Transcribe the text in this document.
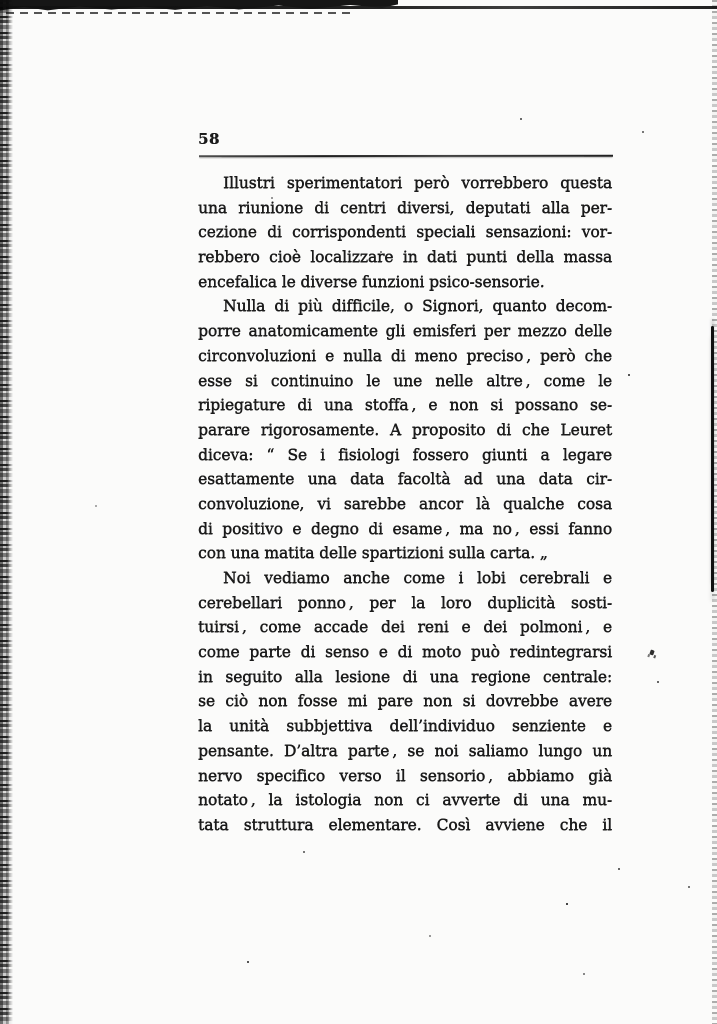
58
Illustri sperimentatori però vorrebbero questa
una riunione di centri diversi, deputati alla per-
cezione di corrispondenti speciali sensazioni: vor-
rebbero cioè localizzare in dati punti della massa
encefalica le diverse funzioni psico-sensorie.
Nulla di più difficile, o Signori, quanto decom-
porre anatomicamente gli emisferi per mezzo delle
circonvoluzioni e nulla di meno preciso , però che
esse si continuino le une nelle altre , come le
ripiegature di una stoffa , e non si possano se-
parare rigorosamente. A proposito di che Leuret
diceva: “ Se i fisiologi fossero giunti a legare
esattamente una data facoltà ad una data cir-
convoluzione, vi sarebbe ancor là qualche cosa
di positivo e degno di esame , ma no , essi fanno
con una matita delle spartizioni sulla carta. „
Noi vediamo anche come i lobi cerebrali e
cerebellari ponno , per la loro duplicità sosti-
tuirsi , come accade dei reni e dei polmoni , e
come parte di senso e di moto può redintegrarsi
in seguito alla lesione di una regione centrale:
se ciò non fosse mi pare non si dovrebbe avere
la unità subbjettiva dell’individuo senziente e
pensante. D’altra parte , se noi saliamo lungo un
nervo specifico verso il sensorio , abbiamo già
notato , la istologia non ci avverte di una mu-
tata struttura elementare. Così avviene che il
